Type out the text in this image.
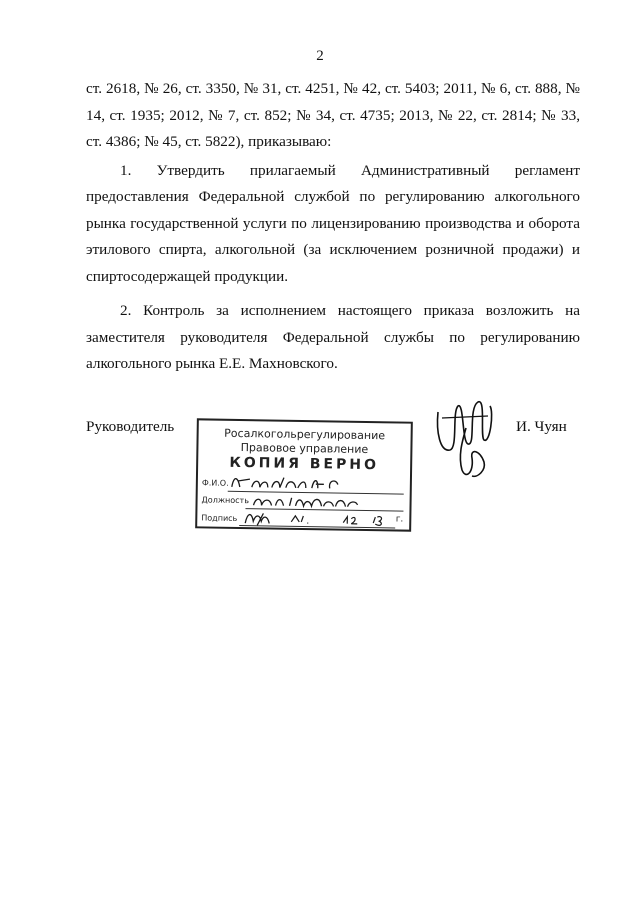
2

ст. 2618, № 26, ст. 3350, № 31, ст. 4251, № 42, ст. 5403; 2011, № 6, ст. 888, № 14, ст. 1935; 2012, № 7, ст. 852; № 34, ст. 4735; 2013, № 22, ст. 2814; № 33, ст. 4386; № 45, ст. 5822), приказываю:

1. Утвердить прилагаемый Административный регламент предоставления Федеральной службой по регулированию алкогольного рынка государственной услуги по лицензированию производства и оборота этилового спирта, алкогольной (за исключением розничной продажи) и спиртосодержащей продукции.

2. Контроль за исполнением настоящего приказа возложить на заместителя руководителя Федеральной службы по регулированию алкогольного рынка Е.Е. Махновского.

Руководитель	И. Чуян
Росалкогольрегулирование
Правовое управление
КОПИЯ ВЕРНО
Ф.И.О.
Должность
Подпись	г.
